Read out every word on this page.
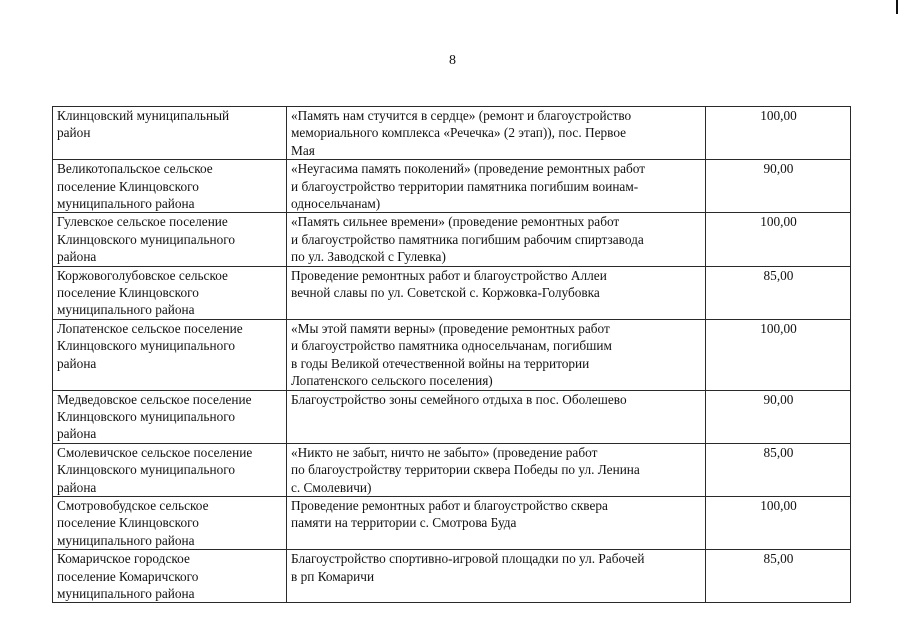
8
Клинцовский муниципальный
район	«Память нам стучится в сердце» (ремонт и благоустройство
мемориального комплекса «Речечка» (2 этап)), пос. Первое
Мая	100,00
Великотопальское сельское
поселение Клинцовского
муниципального района	«Неугасима память поколений» (проведение ремонтных работ
и благоустройство территории памятника погибшим воинам-
односельчанам)	90,00
Гулевское сельское поселение
Клинцовского муниципального
района	«Память сильнее времени» (проведение ремонтных работ
и благоустройство памятника погибшим рабочим спиртзавода
по ул. Заводской с Гулевка)	100,00
Коржовоголубовское сельское
поселение Клинцовского
муниципального района	Проведение ремонтных работ и благоустройство Аллеи
вечной славы по ул. Советской с. Коржовка-Голубовка	85,00
Лопатенское сельское поселение
Клинцовского муниципального
района	«Мы этой памяти верны» (проведение ремонтных работ
и благоустройство памятника односельчанам, погибшим
в годы Великой отечественной войны на территории
Лопатенского сельского поселения)	100,00
Медведовское сельское поселение
Клинцовского муниципального
района	Благоустройство зоны семейного отдыха в пос. Оболешево	90,00
Смолевичское сельское поселение
Клинцовского муниципального
района	«Никто не забыт, ничто не забыто» (проведение работ
по благоустройству территории сквера Победы по ул. Ленина
с. Смолевичи)	85,00
Смотровобудское сельское
поселение Клинцовского
муниципального района	Проведение ремонтных работ и благоустройство сквера
памяти на территории с. Смотрова Буда	100,00
Комаричское городское
поселение Комаричского
муниципального района	Благоустройство спортивно-игровой площадки по ул. Рабочей
в рп Комаричи	85,00
